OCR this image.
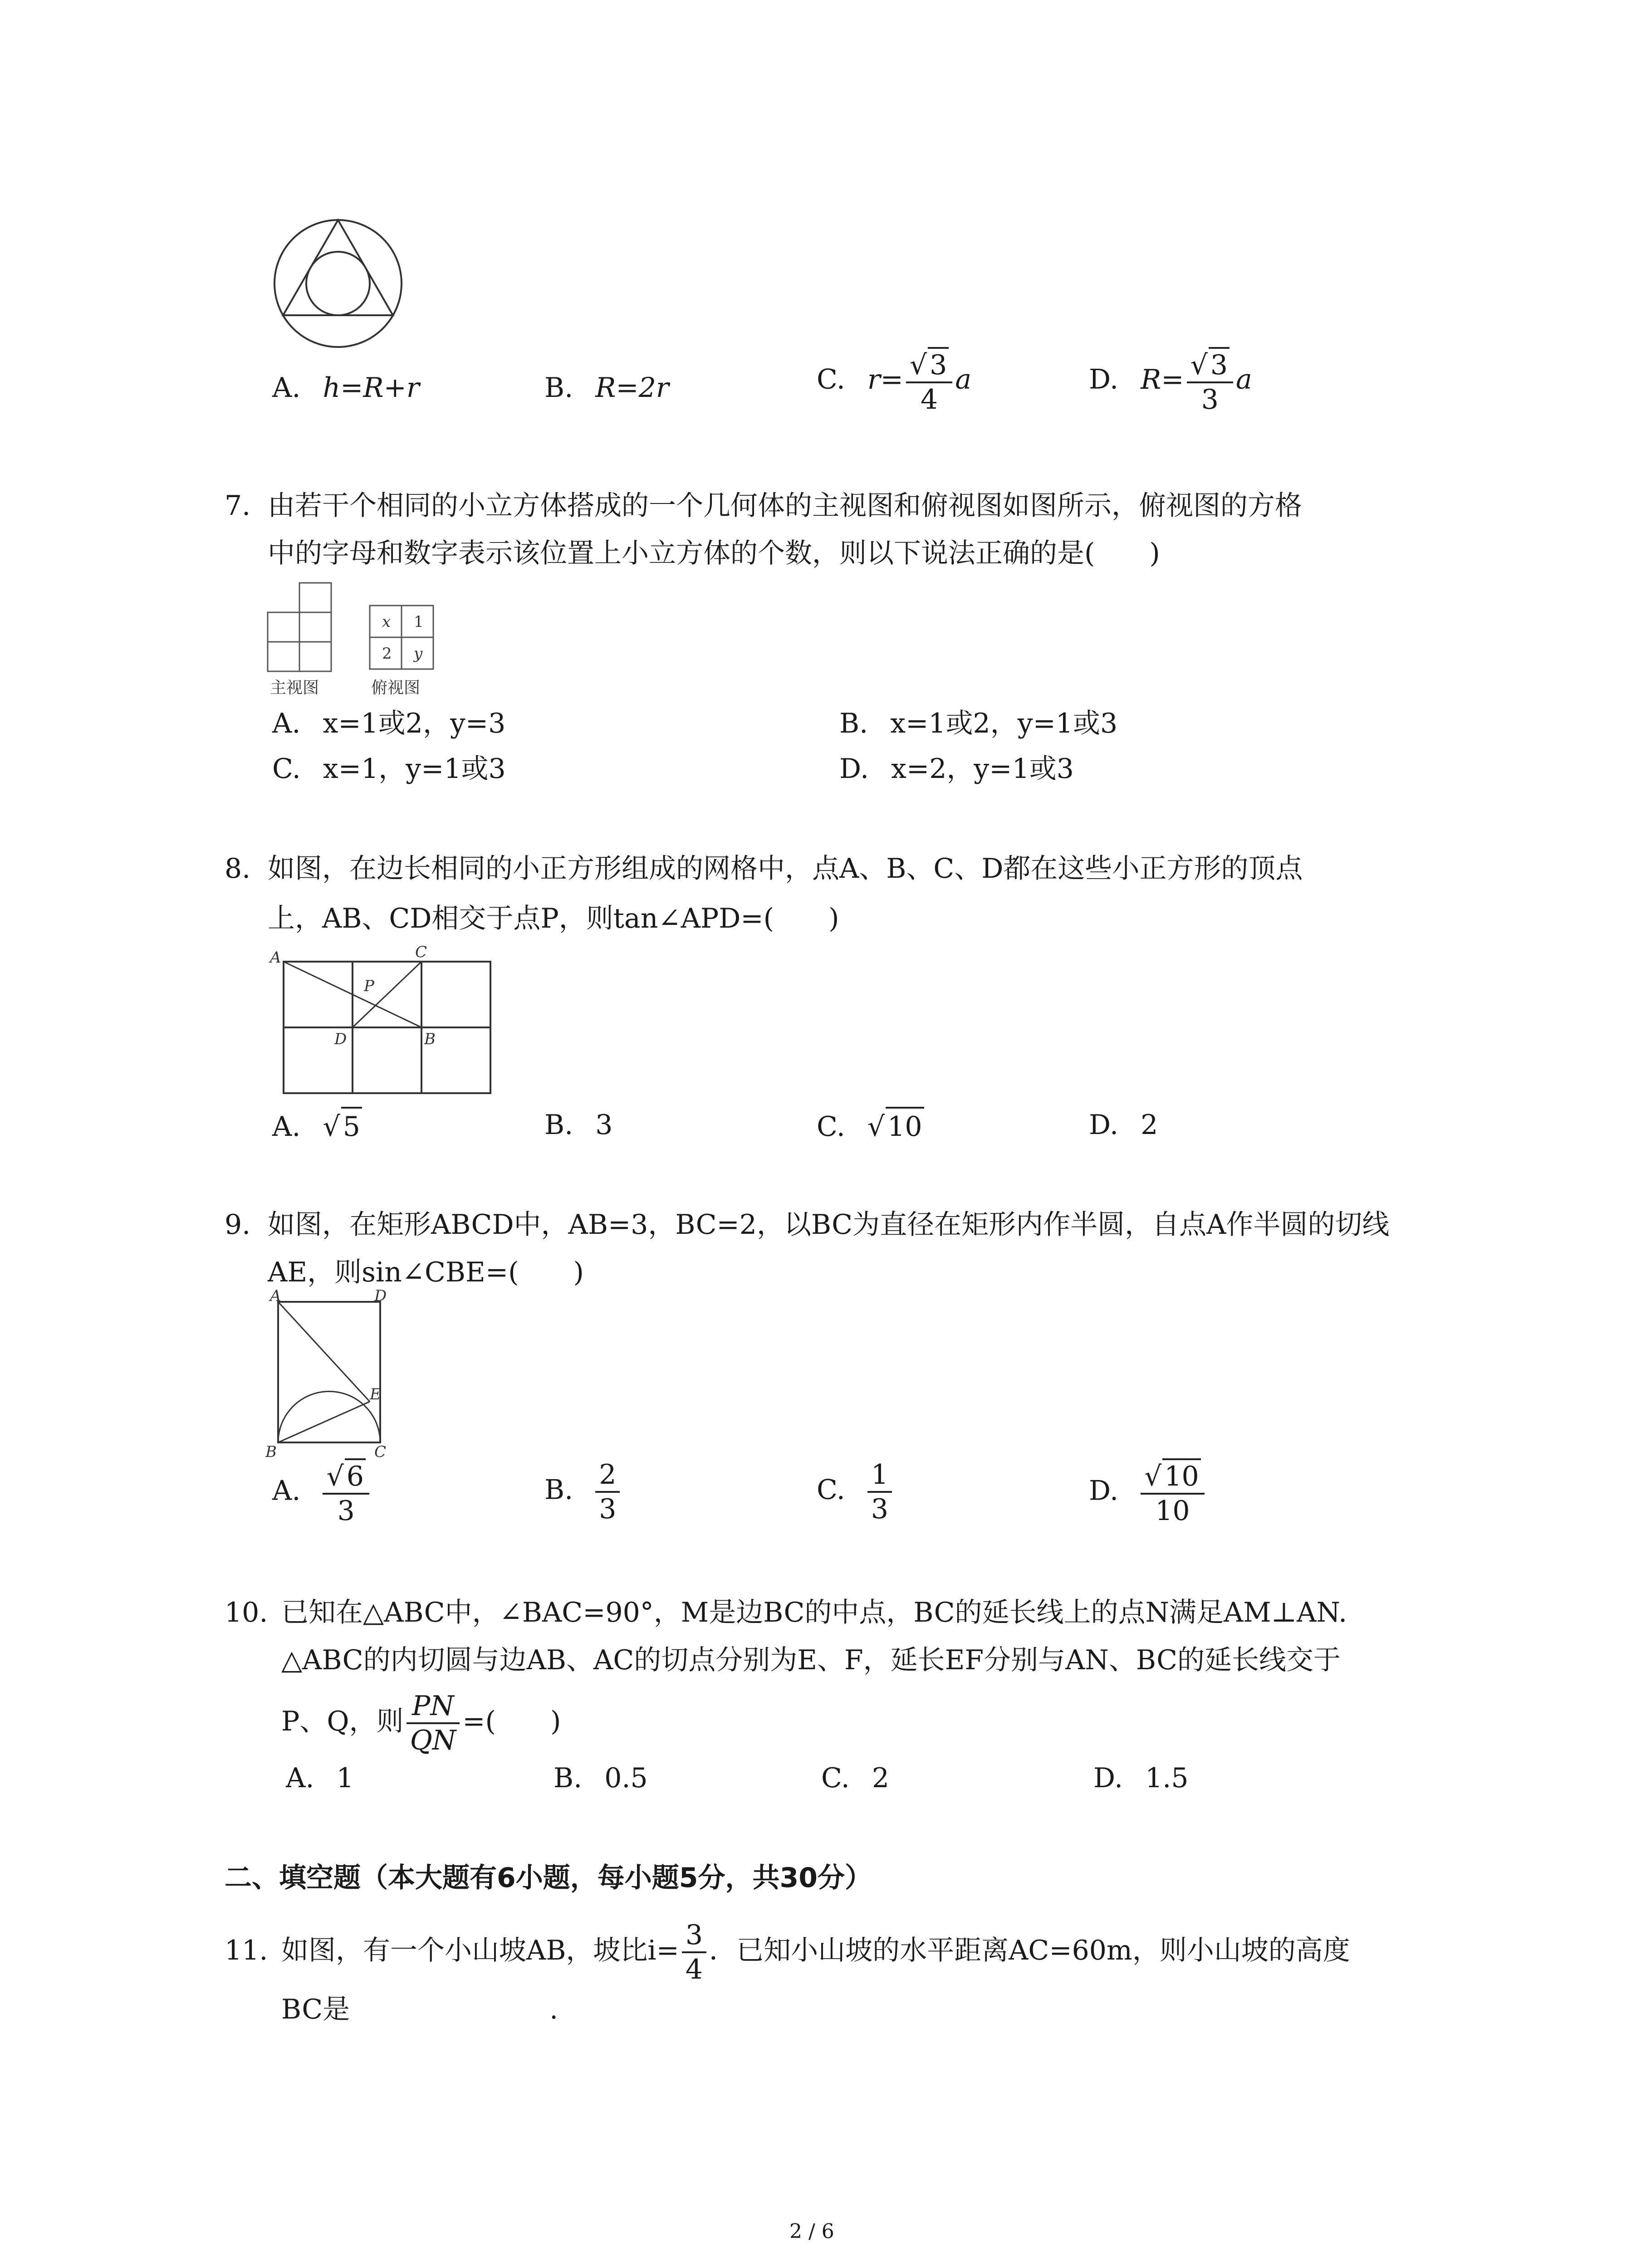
A. h=R+r	B. R=2r	C. $r= \frac{√ 3}{4}$ a	D. $R= \frac{√ 3}{3}$ a
7. 由若干个相同的小立方体搭成的一个几何体的主视图和俯视图如图所示，俯视图的方格
中的字母和数字表示该位置上小立方体的个数，则以下说法正确的是(　　)
主视图
x 1
2 y
俯视图
A. x=1或2，y=3	B. x=1或2，y=1或3
C. x=1，y=1或3	D. x=2，y=1或3
8. 如图，在边长相同的小正方形组成的网格中，点A、B、C、D都在这些小正方形的顶点
上，AB、CD相交于点P，则tan∠APD=(　　)
A	C
P
D	B
A. √ 5	B. 3	C. √ 10	D. 2
9. 如图，在矩形ABCD中，AB=3，BC=2，以BC为直径在矩形内作半圆，自点A作半圆的切线
AE，则sin∠CBE=(　　)
A	D
E
B	C
A. $\frac{√ 6}{3}$	B. $\frac{2}{3}$	C. $\frac{1}{3}$	D. $\frac{√ 10}{10}$
10. 已知在△ABC中，∠BAC=90°，M是边BC的中点，BC的延长线上的点N满足AM⊥AN.
△ABC的内切圆与边AB、AC的切点分别为E、F，延长EF分别与AN、BC的延长线交于
P、Q，则 $\frac{PN}{QN}$ =(　　)
A. 1	B. 0.5	C. 2	D. 1.5
二、填空题（本大题有6小题，每小题5分，共30分）
11. 如图，有一个小山坡AB，坡比$i= \frac{3}{4}$ ．已知小山坡的水平距离AC=60m，则小山坡的高度
BC是	.
2 / 6
